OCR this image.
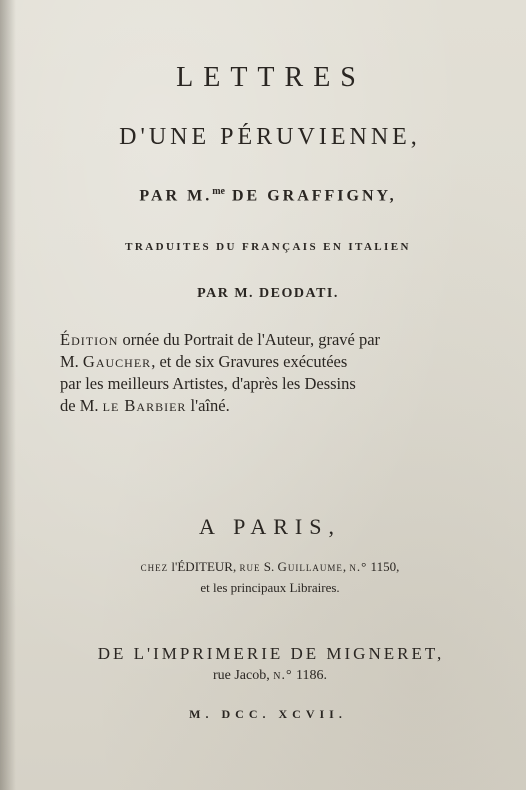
LETTRES
D'UNE PÉRUVIENNE,
PAR M.$^{me}$ DE GRAFFIGNY,
TRADUITES DU FRANÇAIS EN ITALIEN
PAR M. DEODATI.
Édition ornée du Portrait de l'Auteur, gravé par
M. Gaucher, et de six Gravures exécutées
par les meilleurs Artistes, d'après les Dessins
de M. le Barbier l'aîné.
A PARIS,
chez l'ÉDITEUR, rue S. Guillaume, n.° 1150,
et les principaux Libraires.
DE L'IMPRIMERIE DE MIGNERET,
rue Jacob, n.° 1186.
M. DCC. XCVII.
